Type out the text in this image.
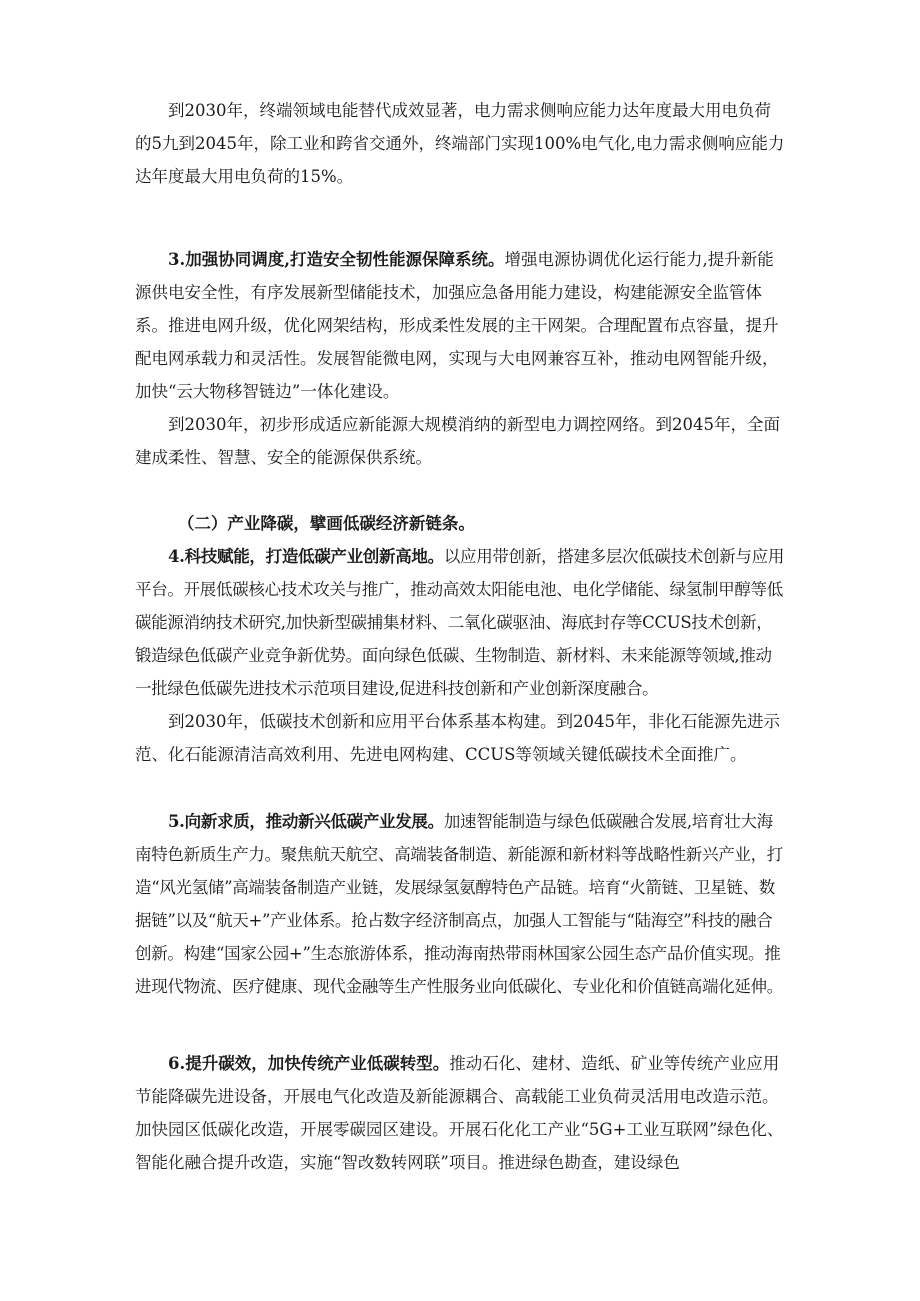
到2030年，终端领域电能替代成效显著，电力需求侧响应能力达年度最大用电负荷的5九到2045年，除工业和跨省交通外，终端部门实现100%电气化,电力需求侧响应能力达年度最大用电负荷的15%。

3.加强协同调度,打造安全韧性能源保障系统。增强电源协调优化运行能力,提升新能源供电安全性，有序发展新型储能技术，加强应急备用能力建设，构建能源安全监管体系。推进电网升级，优化网架结构，形成柔性发展的主干网架。合理配置布点容量，提升配电网承载力和灵活性。发展智能微电网，实现与大电网兼容互补，推动电网智能升级，加快“云大物移智链边”一体化建设。

到2030年，初步形成适应新能源大规模消纳的新型电力调控网络。到2045年，全面建成柔性、智慧、安全的能源保供系统。

（二）产业降碳，擘画低碳经济新链条。

4.科技赋能，打造低碳产业创新高地。以应用带创新，搭建多层次低碳技术创新与应用平台。开展低碳核心技术攻关与推广，推动高效太阳能电池、电化学储能、绿氢制甲醇等低碳能源消纳技术研究,加快新型碳捕集材料、二氧化碳驱油、海底封存等CCUS技术创新，锻造绿色低碳产业竞争新优势。面向绿色低碳、生物制造、新材料、未来能源等领域,推动一批绿色低碳先进技术示范项目建设,促进科技创新和产业创新深度融合。

到2030年，低碳技术创新和应用平台体系基本构建。到2045年，非化石能源先进示范、化石能源清洁高效利用、先进电网构建、CCUS等领域关键低碳技术全面推广。

5.向新求质，推动新兴低碳产业发展。加速智能制造与绿色低碳融合发展,培育壮大海南特色新质生产力。聚焦航天航空、高端装备制造、新能源和新材料等战略性新兴产业，打造“风光氢储”高端装备制造产业链，发展绿氢氨醇特色产品链。培育“火箭链、卫星链、数据链”以及“航天+”产业体系。抢占数字经济制高点，加强人工智能与“陆海空”科技的融合创新。构建“国家公园+”生态旅游体系，推动海南热带雨林国家公园生态产品价值实现。推进现代物流、医疗健康、现代金融等生产性服务业向低碳化、专业化和价值链高端化延伸。

6.提升碳效，加快传统产业低碳转型。推动石化、建材、造纸、矿业等传统产业应用节能降碳先进设备，开展电气化改造及新能源耦合、高载能工业负荷灵活用电改造示范。加快园区低碳化改造，开展零碳园区建设。开展石化化工产业“5G+工业互联网”绿色化、智能化融合提升改造，实施“智改数转网联”项目。推进绿色勘查，建设绿色
